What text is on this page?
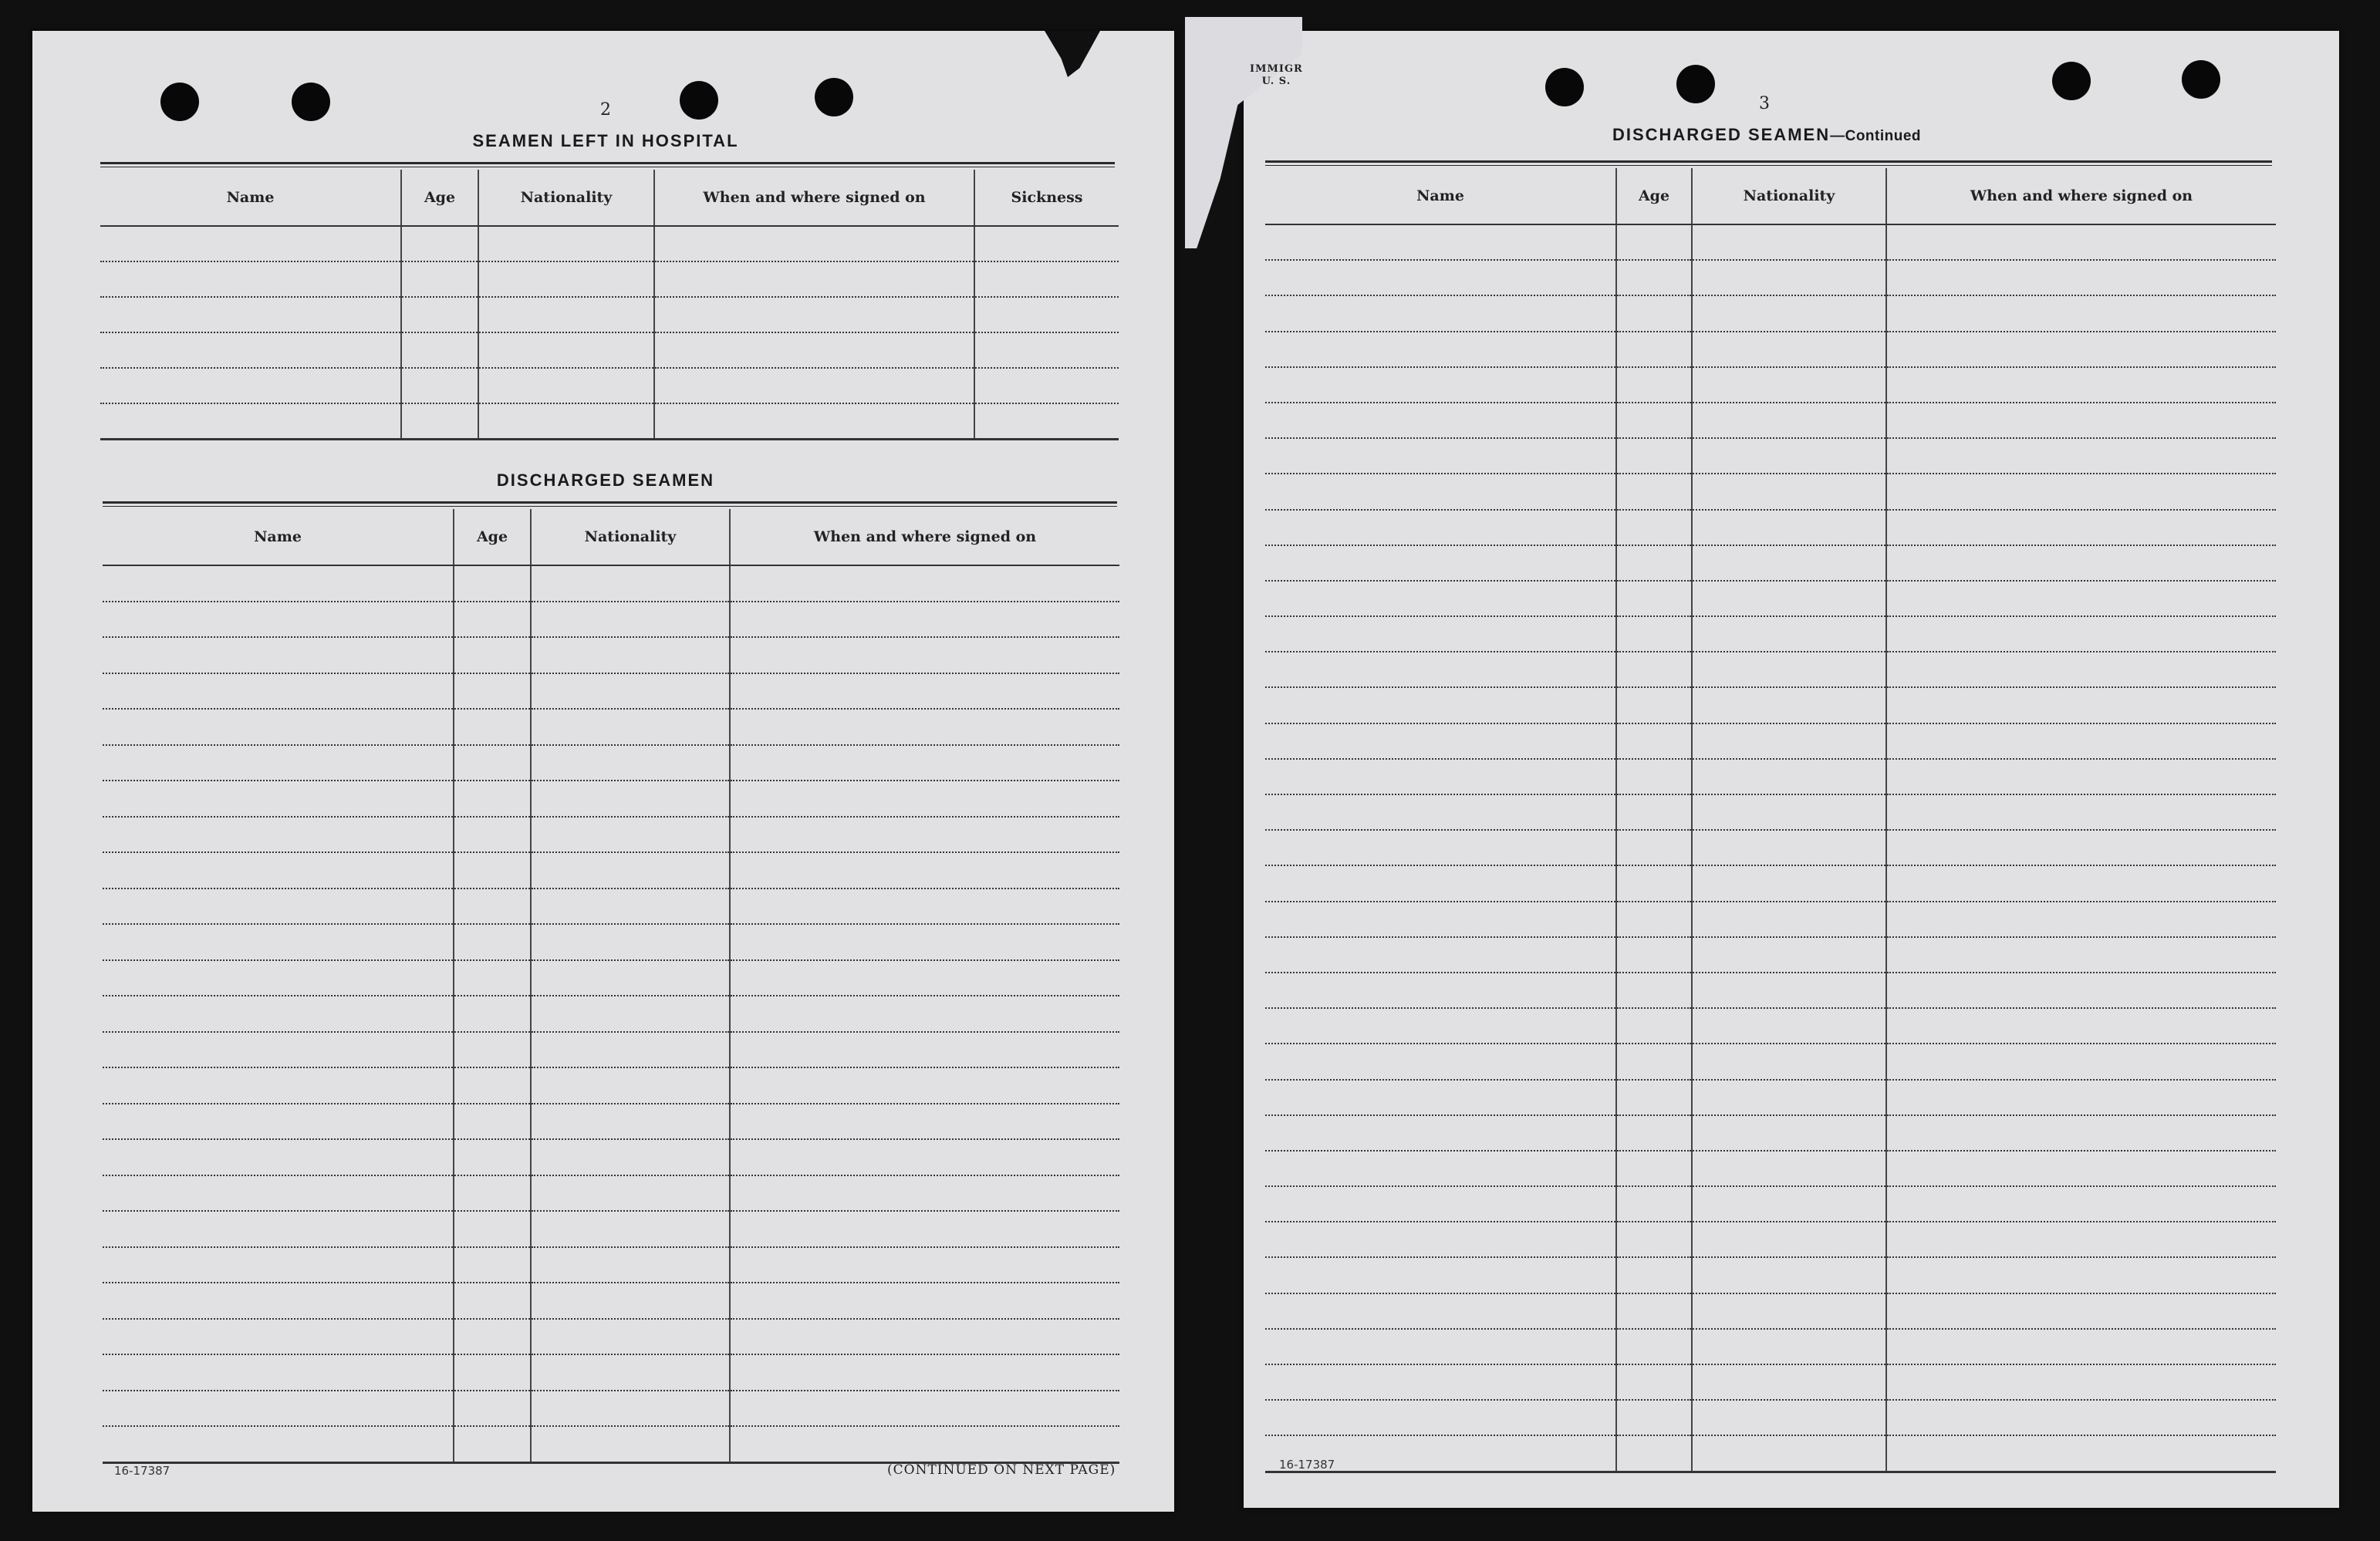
IMMIGR
U. S.
2
SEAMEN LEFT IN HOSPITAL
Name	Age	Nationality	When and where signed on	Sickness

DISCHARGED SEAMEN
Name	Age	Nationality	When and where signed on

16-17387	(CONTINUED ON NEXT PAGE)
3
DISCHARGED SEAMEN—Continued
Name	Age	Nationality	When and where signed on

16-17387
